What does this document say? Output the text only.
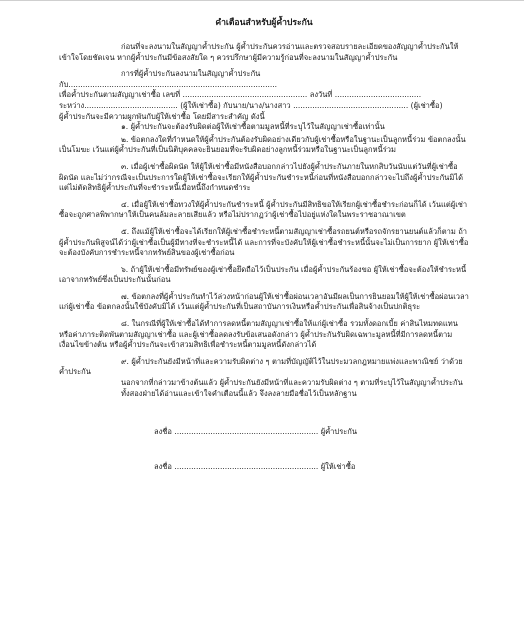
คำเตือนสำหรับผู้ค้ำประกัน

ก่อนที่จะลงนามในสัญญาค้ำประกัน ผู้ค้ำประกันควรอ่านและตรวจสอบรายละเอียดของสัญญาค้ำประกันให้เข้าใจโดยชัดเจน หากผู้ค้ำประกันมีข้อสงสัยใด ๆ ควรปรึกษาผู้มีความรู้ก่อนที่จะลงนามในสัญญาค้ำประกัน

การที่ผู้ค้ำประกันลงนามในสัญญาค้ำประกันกับ.......................................................................................

เพื่อค้ำประกันตามสัญญาเช่าซื้อ เลขที่ .................................................... ลงวันที่ ....................................

ระหว่าง....................................... (ผู้ให้เช่าซื้อ) กับนาย/นาง/นางสาว ................................................ (ผู้เช่าซื้อ)

ผู้ค้ำประกันจะมีความผูกพันกับผู้ให้เช่าซื้อ โดยมีสาระสำคัญ ดังนี้

๑. ผู้ค้ำประกันจะต้องรับผิดต่อผู้ให้เช่าซื้อตามมูลหนี้ที่ระบุไว้ในสัญญาเช่าซื้อเท่านั้น

๒. ข้อตกลงใดที่กำหนดให้ผู้ค้ำประกันต้องรับผิดอย่างเดียวกับผู้เช่าซื้อหรือในฐานะเป็นลูกหนี้ร่วม ข้อตกลงนั้นเป็นโมฆะ เว้นแต่ผู้ค้ำประกันที่เป็นนิติบุคคลจะยินยอมที่จะรับผิดอย่างลูกหนี้ร่วมหรือในฐานะเป็นลูกหนี้ร่วม

๓. เมื่อผู้เช่าซื้อผิดนัด ให้ผู้ให้เช่าซื้อมีหนังสือบอกกล่าวไปยังผู้ค้ำประกันภายในหกสิบวันนับแต่วันที่ผู้เช่าซื้อผิดนัด และไม่ว่ากรณีจะเป็นประการใดผู้ให้เช่าซื้อจะเรียกให้ผู้ค้ำประกันชำระหนี้ก่อนที่หนังสือบอกกล่าวจะไปถึงผู้ค้ำประกันมิได้ แต่ไม่ตัดสิทธิผู้ค้ำประกันที่จะชำระหนี้เมื่อหนี้ถึงกำหนดชำระ

๔. เมื่อผู้ให้เช่าซื้อทวงให้ผู้ค้ำประกันชำระหนี้ ผู้ค้ำประกันมีสิทธิขอให้เรียกผู้เช่าซื้อชำระก่อนก็ได้ เว้นแต่ผู้เช่าซื้อจะถูกศาลพิพากษาให้เป็นคนล้มละลายเสียแล้ว หรือไม่ปรากฏว่าผู้เช่าซื้อไปอยู่แห่งใดในพระราชอาณาเขต

๕. ถึงแม้ผู้ให้เช่าซื้อจะได้เรียกให้ผู้เช่าซื้อชำระหนี้ตามสัญญาเช่าซื้อรถยนต์หรือรถจักรยานยนต์แล้วก็ตาม ถ้าผู้ค้ำประกันพิสูจน์ได้ว่าผู้เช่าซื้อเป็นผู้มีทางที่จะชำระหนี้ได้ และการที่จะบังคับให้ผู้เช่าซื้อชำระหนี้นั้นจะไม่เป็นการยาก ผู้ให้เช่าซื้อจะต้องบังคับการชำระหนี้จากทรัพย์สินของผู้เช่าซื้อก่อน

๖. ถ้าผู้ให้เช่าซื้อมีทรัพย์ของผู้เช่าซื้อยึดถือไว้เป็นประกัน เมื่อผู้ค้ำประกันร้องขอ ผู้ให้เช่าซื้อจะต้องให้ชำระหนี้เอาจากทรัพย์ซึ่งเป็นประกันนั้นก่อน

๗. ข้อตกลงที่ผู้ค้ำประกันทำไว้ล่วงหน้าก่อนผู้ให้เช่าซื้อผ่อนเวลาอันมีผลเป็นการยินยอมให้ผู้ให้เช่าซื้อผ่อนเวลาแก่ผู้เช่าซื้อ ข้อตกลงนั้นใช้บังคับมิได้ เว้นแต่ผู้ค้ำประกันที่เป็นสถาบันการเงินหรือค้ำประกันเพื่อสินจ้างเป็นปกติธุระ

๘. ในกรณีที่ผู้ให้เช่าซื้อได้ทำการลดหนี้ตามสัญญาเช่าซื้อให้แก่ผู้เช่าซื้อ รวมทั้งดอกเบี้ย ค่าสินไหมทดแทน หรือค่าภาระติดพันตามสัญญาเช่าซื้อ และผู้เช่าซื้อลดลงรับข้อเสนอดังกล่าว ผู้ค้ำประกันรับผิดเฉพาะมูลหนี้ที่มีการลดหนี้ตามเงื่อนไขข้างต้น หรือผู้ค้ำประกันจะเข้าสวมสิทธิเพื่อชำระหนี้ตามมูลหนี้ดังกล่าวได้

๙. ผู้ค้ำประกันยังมีหน้าที่และความรับผิดต่าง ๆ ตามที่บัญญัติไว้ในประมวลกฎหมายแพ่งและพาณิชย์ ว่าด้วยค้ำประกัน

นอกจากที่กล่าวมาข้างต้นแล้ว ผู้ค้ำประกันยังมีหน้าที่และความรับผิดต่าง ๆ ตามที่ระบุไว้ในสัญญาค้ำประกัน

ทั้งสองฝ่ายได้อ่านและเข้าใจคำเตือนนี้แล้ว จึงลงลายมือชื่อไว้เป็นหลักฐาน

ลงชื่อ ............................................................ ผู้ค้ำประกัน

ลงชื่อ ............................................................ ผู้ให้เช่าซื้อ
